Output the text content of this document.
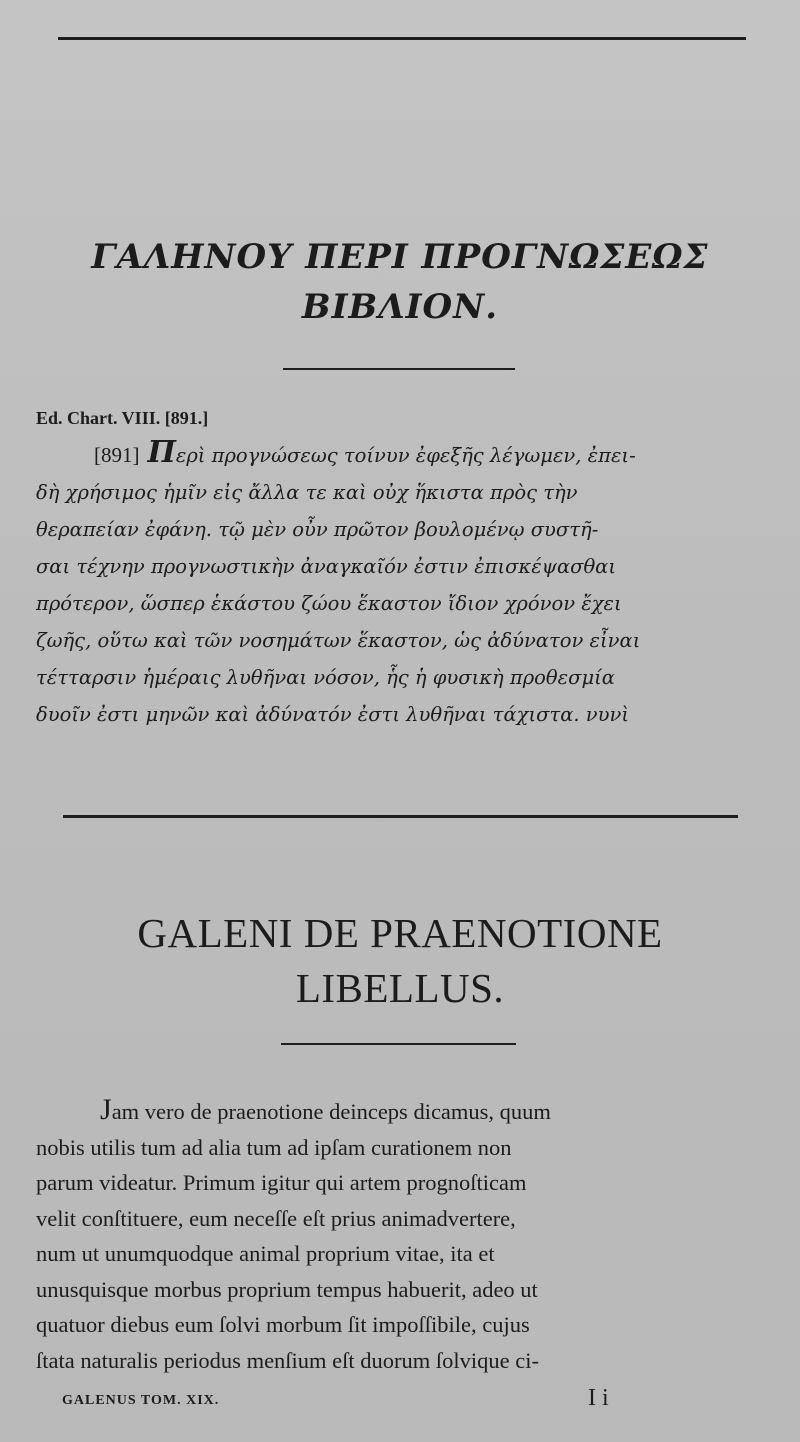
ΓΑΛΗΝΟΥ ΠΕΡΙ ΠΡΟΓΝΩΣΕΩΣ
ΒΙΒΛΙΟΝ.
Ed. Chart. VIII. [891.]
[891] Περὶ προγνώσεως τοίνυν ἐφεξῆς λέγωμεν, ἐπει-
δὴ χρήσιμος ἡμῖν εἰς ἄλλα τε καὶ οὐχ ἥκιστα πρὸς τὴν
θεραπείαν ἐφάνη. τῷ μὲν οὖν πρῶτον βουλομένῳ συστῆ-
σαι τέχνην προγνωστικὴν ἀναγκαῖόν ἐστιν ἐπισκέψασθαι
πρότερον, ὥσπερ ἑκάστου ζώου ἕκαστον ἴδιον χρόνον ἔχει
ζωῆς, οὕτω καὶ τῶν νοσημάτων ἕκαστον, ὡς ἀδύνατον εἶναι
τέτταρσιν ἡμέραις λυθῆναι νόσον, ἧς ἡ φυσικὴ προθεσμία
δυοῖν ἐστι μηνῶν καὶ ἀδύνατόν ἐστι λυθῆναι τάχιστα. νυνὶ
GALENI DE PRAENOTIONE
LIBELLUS.
Jam vero de praenotione deinceps dicamus, quum
nobis utilis tum ad alia tum ad ipſam curationem non
parum videatur. Primum igitur qui artem prognoſticam
velit conſtituere, eum neceſſe eſt prius animadvertere,
num ut unumquodque animal proprium vitae, ita et
unusquisque morbus proprium tempus habuerit, adeo ut
quatuor diebus eum ſolvi morbum ſit impoſſibile, cujus
ſtata naturalis periodus menſium eſt duorum ſolvique ci-
GALENUS TOM. XIX.	I i
